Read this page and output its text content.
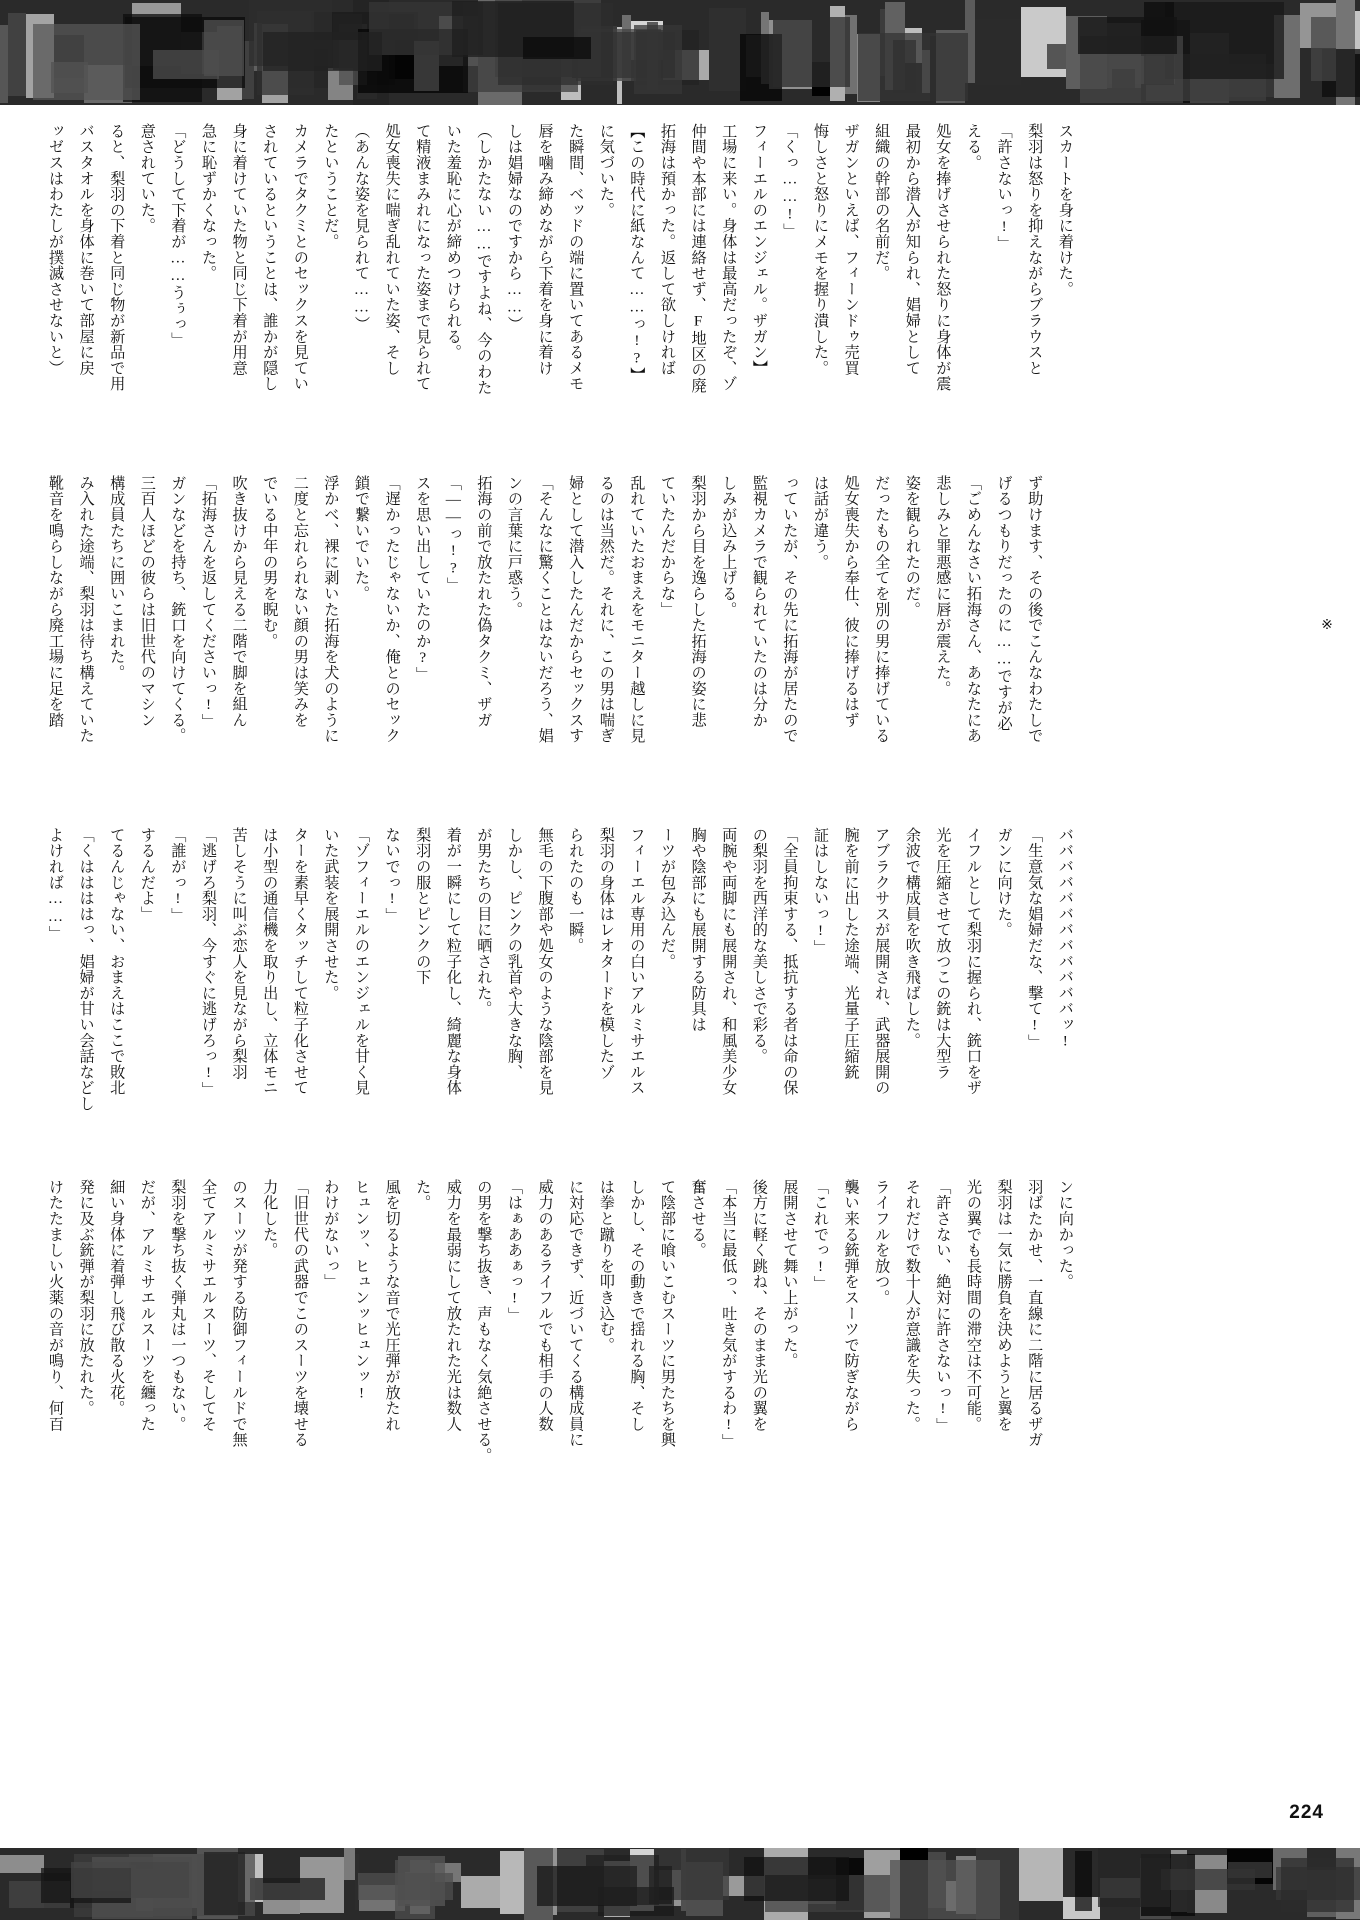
※
224
ッゼスはわたしが撲滅させないと） バスタオルを身体に巻いて部屋に戻 ると、梨羽の下着と同じ物が新品で用 意されていた。 「どうして下着が……うぅっ」 急に恥ずかくなった。 身に着けていた物と同じ下着が用意 されているということは、誰かが隠し カメラでタクミとのセックスを見てい たということだ。 （あんな姿を見られて……） 処女喪失に喘ぎ乱れていた姿、そし て精液まみれになった姿まで見られて いた羞恥に心が締めつけられる。 （しかたない……ですよね、今のわた しは娼婦なのですから……） 唇を噛み締めながら下着を身に着け た瞬間、ベッドの端に置いてあるメモ に気づいた。 【この時代に紙なんて……っ!?】 拓海は預かった。返して欲しければ 仲間や本部には連絡せず、F地区の廃 工場に来い。身体は最高だったぞ、ゾ フィーエルのエンジェル。ザガン】 「くっ……!」 悔しさと怒りにメモを握り潰した。 ザガンといえば、フィーンドゥ売買 組織の幹部の名前だ。 最初から潜入が知られ、娼婦として 処女を捧げさせられた怒りに身体が震 える。 「許さないっ!」 梨羽は怒りを抑えながらブラウスと スカートを身に着けた。
靴音を鳴らしながら廃工場に足を踏 み入れた途端、梨羽は待ち構えていた 構成員たちに囲いこまれた。 三百人ほどの彼らは旧世代のマシン ガンなどを持ち、銃口を向けてくる。 「拓海さんを返してくださいっ!」 吹き抜けから見える二階で脚を組ん でいる中年の男を睨む。 二度と忘れられない顔の男は笑みを 浮かべ、裸に剥いた拓海を犬のように 鎖で繋いでいた。 「遅かったじゃないか、俺とのセック スを思い出していたのか?」 「――っ!?」 拓海の前で放たれた偽タクミ、ザガ ンの言葉に戸惑う。 「そんなに驚くことはないだろう、娼 婦として潜入したんだからセックスす るのは当然だ。それに、この男は喘ぎ 乱れていたおまえをモニター越しに見 ていたんだからな」 梨羽から目を逸らした拓海の姿に悲 しみが込み上げる。 監視カメラで観られていたのは分か っていたが、その先に拓海が居たので は話が違う。 処女喪失から奉仕、彼に捧げるはず だったもの全てを別の男に捧げている 姿を観られたのだ。 悲しみと罪悪感に唇が震えた。 「ごめんなさい拓海さん、あなたにあ げるつもりだったのに……ですが必 ず助けます、その後でこんなわたしで
よければ……」 「くははははっ、娼婦が甘い会話などし てるんじゃない、おまえはここで敗北 するんだよ」 「誰がっ!」 「逃げろ梨羽、今すぐに逃げろっ!」 苦しそうに叫ぶ恋人を見ながら梨羽 は小型の通信機を取り出し、立体モニ ターを素早くタッチして粒子化させて いた武装を展開させた。 「ゾフィーエルのエンジェルを甘く見 ないでっ!」 梨羽の服とピンクの下 着が一瞬にして粒子化し、綺麗な身体 が男たちの目に晒された。 しかし、ピンクの乳首や大きな胸、 無毛の下腹部や処女のような陰部を見 られたのも一瞬。 梨羽の身体はレオタードを模したゾ フィーエル専用の白いアルミサエルス ーツが包み込んだ。 胸や陰部にも展開する防具は 両腕や両脚にも展開され、和風美少女 の梨羽を西洋的な美しさで彩る。 「全員拘束する、抵抗する者は命の保 証はしないっ!」 腕を前に出した途端、光量子圧縮銃 アブラクサスが展開され、武器展開の 余波で構成員を吹き飛ばした。 光を圧縮させて放つこの銃は大型ラ イフルとして梨羽に握られ、銃口をザ ガンに向けた。 「生意気な娼婦だな、撃て!」 ババババババババババババッ!
けたたましい火薬の音が鳴り、何百 発に及ぶ銃弾が梨羽に放たれた。 細い身体に着弾し飛び散る火花。 だが、アルミサエルスーツを纏った 梨羽を撃ち抜く弾丸は一つもない。 全てアルミサエルスーツ、そしてそ のスーツが発する防御フィールドで無 力化した。 「旧世代の武器でこのスーツを壊せる わけがないっ」 ヒュンッ、ヒュンッヒュンッ! 風を切るような音で光圧弾が放たれ た。 威力を最弱にして放たれた光は数人 の男を撃ち抜き、声もなく気絶させる。 「はぁああぁっ!」 威力のあるライフルでも相手の人数 に対応できず、近づいてくる構成員に は拳と蹴りを叩き込む。 しかし、その動きで揺れる胸、そし て陰部に喰いこむスーツに男たちを興 奮させる。 「本当に最低っ、吐き気がするわ!」 後方に軽く跳ね、そのまま光の翼を 展開させて舞い上がった。 「これでっ!」 襲い来る銃弾をスーツで防ぎながら ライフルを放つ。 それだけで数十人が意識を失った。 「許さない、絶対に許さないっ!」 光の翼でも長時間の滞空は不可能。 梨羽は一気に勝負を決めようと翼を 羽ばたかせ、一直線に二階に居るザガ ンに向かった。
